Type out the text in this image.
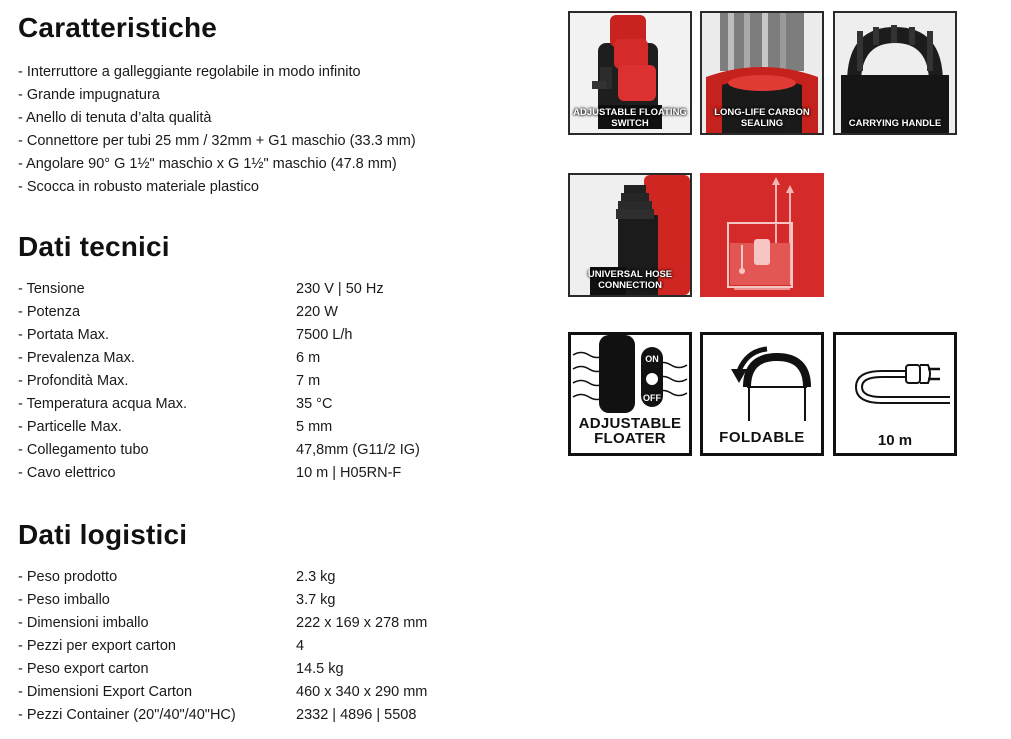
Caratteristiche
- Interruttore a galleggiante regolabile in modo infinito
- Grande impugnatura
- Anello di tenuta d’alta qualità
- Connettore per tubi 25 mm / 32mm + G1 maschio (33.3 mm)
- Angolare 90° G 1½" maschio x G 1½" maschio (47.8 mm)
- Scocca in robusto materiale plastico
Dati tecnici
- Tensione	230 V | 50 Hz
- Potenza	220 W
- Portata Max.	7500 L/h
- Prevalenza Max.	6 m
- Profondità Max.	7 m
- Temperatura acqua Max.	35 °C
- Particelle Max.	5 mm
- Collegamento tubo	47,8mm (G11/2 IG)
- Cavo elettrico	10 m | H05RN-F
Dati logistici
- Peso prodotto	2.3 kg
- Peso imballo	3.7 kg
- Dimensioni imballo	222 x 169 x 278 mm
- Pezzi per export carton	4
- Peso export carton	14.5 kg
- Dimensioni Export Carton	460 x 340 x 290 mm
- Pezzi Container (20"/40"/40"HC)	2332 | 4896 | 5508
ADJUSTABLE FLOATING SWITCH
LONG-LIFE CARBON SEALING	CARRYING HANDLE
UNIVERSAL HOSE CONNECTION
ON
OFF
ADJUSTABLE FLOATER	FOLDABLE	10 m
